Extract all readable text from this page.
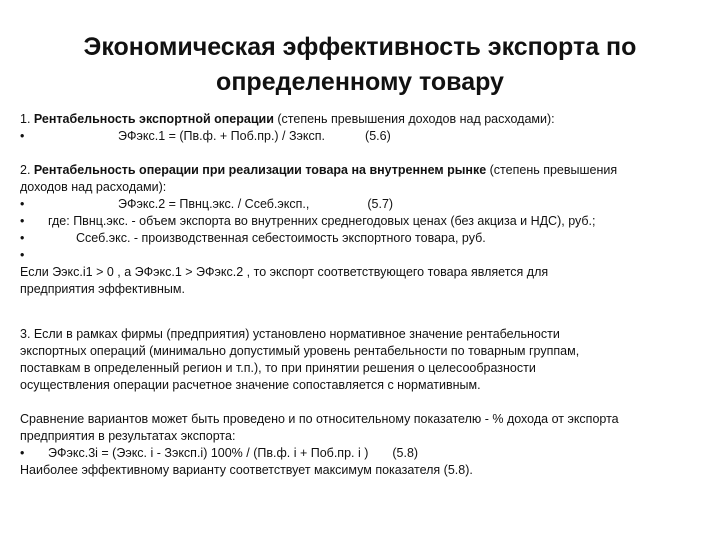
Экономическая эффективность экспорта по
определенному товару
1. Рентабельность экспортной операции (степень превышения доходов над расходами):
•	ЭФэкс.1 = (Пв.ф. + Поб.пр.) / Зэксп.	(5.6)
2. Рентабельность операции при реализации товара на внутреннем рынке (степень превышения
доходов над расходами):
•	ЭФэкс.2 = Пвнц.экс. / Ссеб.эксп.,	(5.7)
• где: Пвнц.экс. - объем экспорта во внутренних среднегодовых ценах (без акциза и НДС), руб.;
•	Ссеб.экс. - производственная себестоимость экспортного товара, руб.
•
Если Ээкс.i1 > 0 , а ЭФэкс.1 > ЭФэкс.2 , то экспорт соответствующего товара является для
предприятия эффективным.
3. Если в рамках фирмы (предприятия) установлено нормативное значение рентабельности
экспортных операций (минимально допустимый уровень рентабельности по товарным группам,
поставкам в определенный регион и т.п.), то при принятии решения о целесообразности
осуществления операции расчетное значение сопоставляется с нормативным.
Сравнение вариантов может быть проведено и по относительному показателю - % дохода от экспорта
предприятия в результатах экспорта:
• ЭФэкс.3i = (Ээкс. i - Зэксп.i) 100% / (Пв.ф. i + Поб.пр. i ) (5.8)
Наиболее эффективному варианту соответствует максимум показателя (5.8).
